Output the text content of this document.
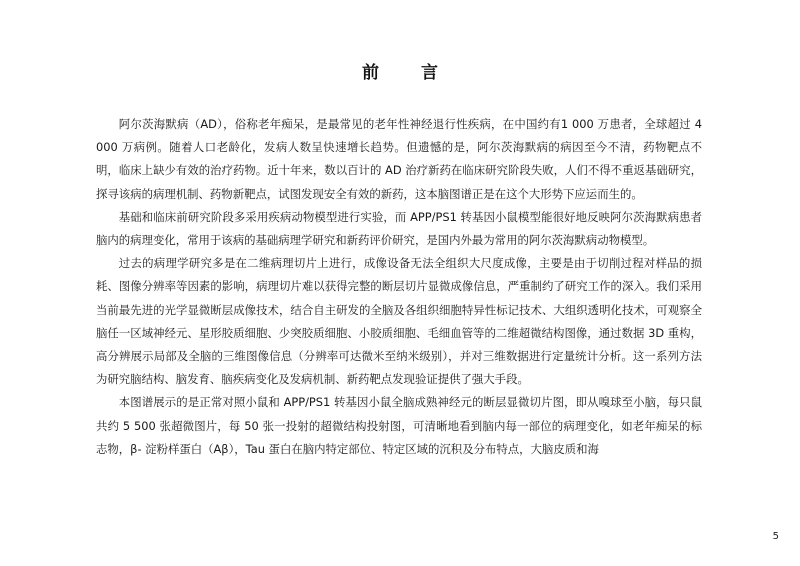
前 言

阿尔茨海默病（AD），俗称老年痴呆，是最常见的老年性神经退行性疾病，在中国约有1 000 万患者，全球超过 4 000 万病例。随着人口老龄化，发病人数呈快速增长趋势。但遗憾的是，阿尔茨海默病的病因至今不清，药物靶点不明，临床上缺少有效的治疗药物。近十年来，数以百计的 AD 治疗新药在临床研究阶段失败，人们不得不重返基础研究，探寻该病的病理机制、药物新靶点，试图发现安全有效的新药，这本脑图谱正是在这个大形势下应运而生的。

基础和临床前研究阶段多采用疾病动物模型进行实验，而 APP/PS1 转基因小鼠模型能很好地反映阿尔茨海默病患者脑内的病理变化，常用于该病的基础病理学研究和新药评价研究，是国内外最为常用的阿尔茨海默病动物模型。

过去的病理学研究多是在二维病理切片上进行，成像设备无法全组织大尺度成像，主要是由于切削过程对样品的损耗、图像分辨率等因素的影响，病理切片难以获得完整的断层切片显微成像信息，严重制约了研究工作的深入。我们采用当前最先进的光学显微断层成像技术，结合自主研发的全脑及各组织细胞特异性标记技术、大组织透明化技术，可观察全脑任一区域神经元、星形胶质细胞、少突胶质细胞、小胶质细胞、毛细血管等的二维超微结构图像，通过数据 3D 重构，高分辨展示局部及全脑的三维图像信息（分辨率可达微米至纳米级别），并对三维数据进行定量统计分析。这一系列方法为研究脑结构、脑发育、脑疾病变化及发病机制、新药靶点发现验证提供了强大手段。

本图谱展示的是正常对照小鼠和 APP/PS1 转基因小鼠全脑成熟神经元的断层显微切片图，即从嗅球至小脑，每只鼠共约 5 500 张超微图片，每 50 张一投射的超微结构投射图，可清晰地看到脑内每一部位的病理变化，如老年痴呆的标志物，β- 淀粉样蛋白（Aβ），Tau 蛋白在脑内特定部位、特定区域的沉积及分布特点，大脑皮质和海

5
